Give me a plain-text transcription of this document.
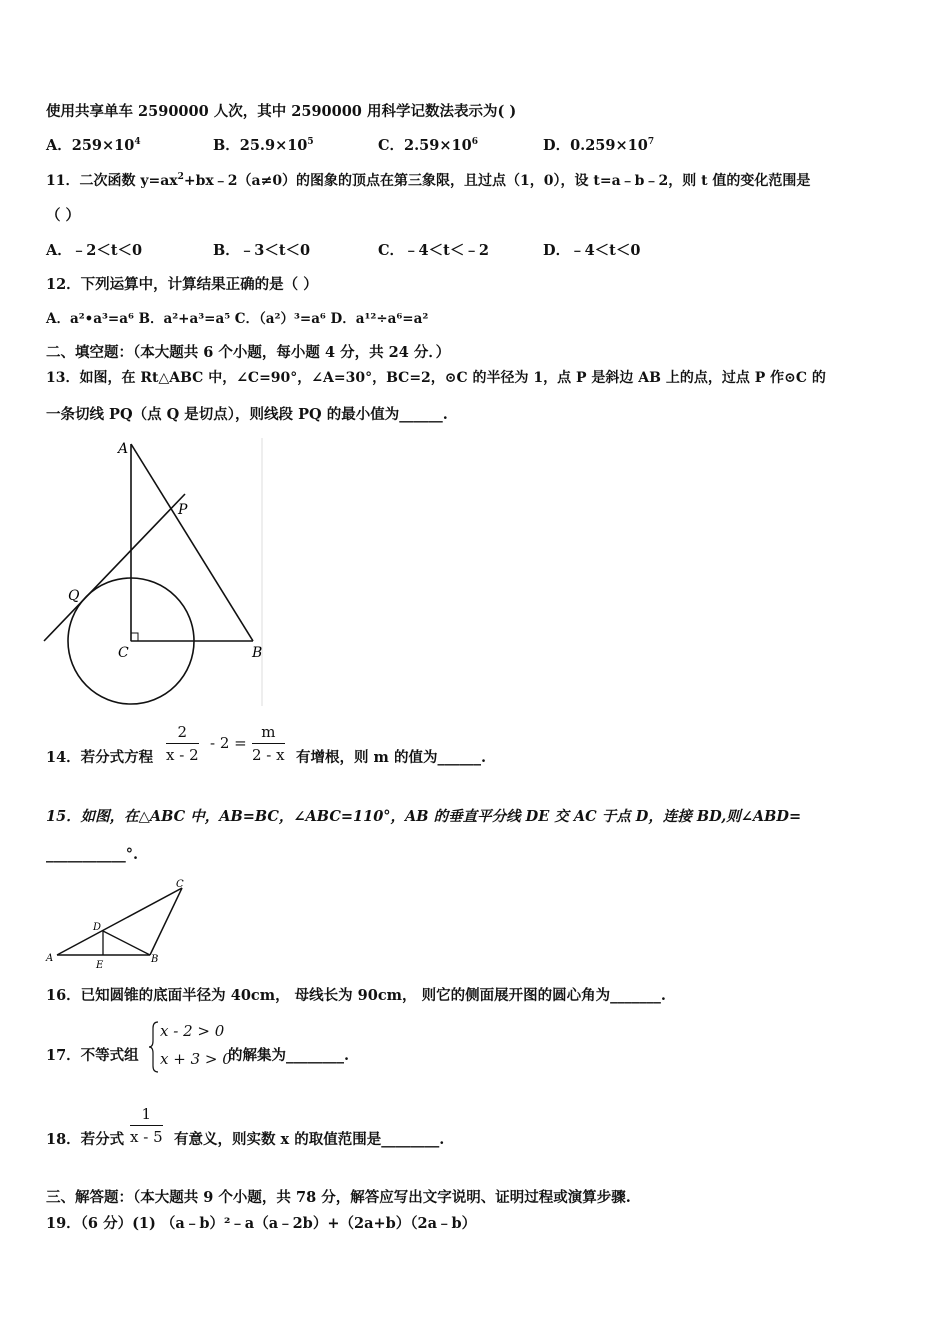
使用共享单车 2590000 人次，其中 2590000 用科学记数法表示为( )
A．$259\times 10^4$	B．$25.9\times 10^5$	C．$2.59\times 10^6$	D．$0.259\times 10^7$
11．二次函数 $y=ax^2+bx﹣2(a\ne 0)$的图象的顶点在第三象限，且过点（1，0），设 t=a﹣b﹣2，则 t 值的变化范围是
（ ）
A．﹣2＜t＜0	B．﹣3＜t＜0	C．﹣4＜t＜﹣2	D．﹣4＜t＜0
12．下列运算中，计算结果正确的是（ ）
A．a²•a³=a⁶ B．a²+a³=a⁵ C．（a²）³=a⁶ D．a¹²÷a⁶=a²
二、填空题：（本大题共 6 个小题，每小题 4 分，共 24 分．）
13．如图，在 Rt△ABC 中，∠C=90°，∠A=30°，BC=2，⊙C 的半径为 1，点 P 是斜边 AB 上的点，过点 P 作⊙C 的
一条切线 PQ（点 Q 是切点），则线段 PQ 的最小值为______.
A
P
Q
C	B
14．若分式方程 $\frac{2}{x - 2} - 2 = \frac{m}{2 - x}$ 有增根，则 m 的值为______.
15．如图，在△ABC 中，AB=BC，∠ABC=110°，AB 的垂直平分线 DE 交 AC 于点 D，连接 BD,则∠ABD=
___________°.
A	B
C
D
E
16．已知圆锥的底面半径为 40cm， 母线长为 90cm， 则它的侧面展开图的圆心角为_______.
17．不等式组
x - 2 > 0
x + 3 > 0
的解集为________.
18．若分式 $\frac{1}{x - 5}$ 有意义，则实数 x 的取值范围是________.
三、解答题：（本大题共 9 个小题，共 78 分，解答应写出文字说明、证明过程或演算步骤.
19．（6 分）(1) （a﹣b）²﹣a（a﹣2b）+（2a+b）（2a﹣b）
